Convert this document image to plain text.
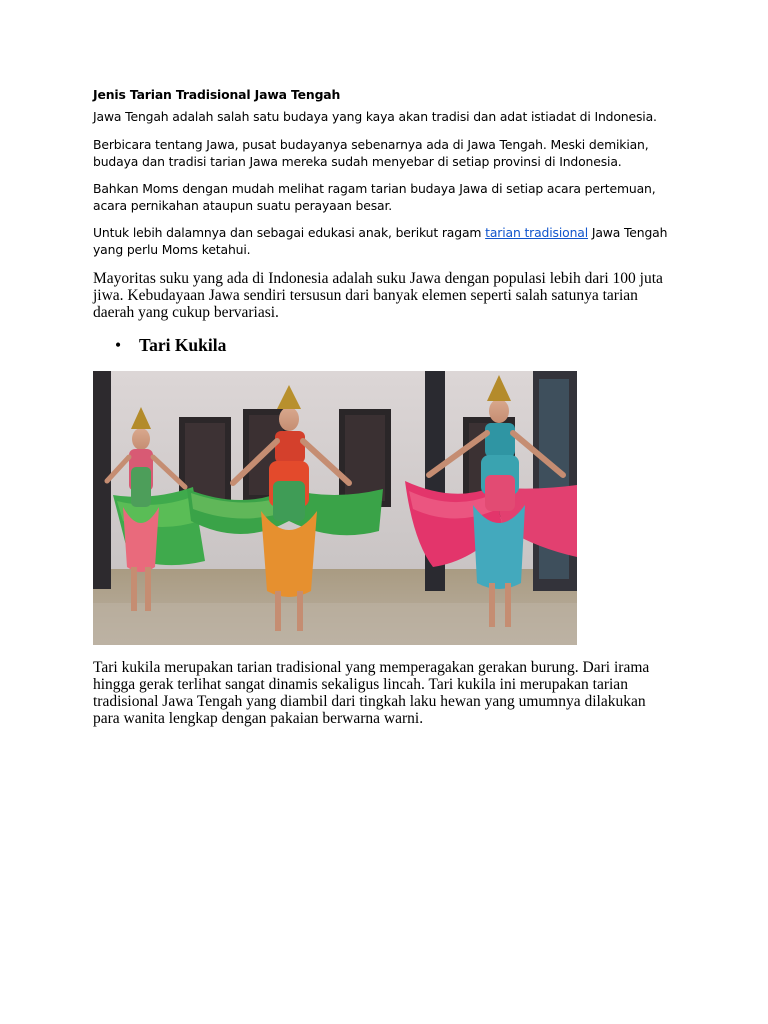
Jenis Tarian Tradisional Jawa Tengah

Jawa Tengah adalah salah satu budaya yang kaya akan tradisi dan adat istiadat di Indonesia.

Berbicara tentang Jawa, pusat budayanya sebenarnya ada di Jawa Tengah. Meski demikian, budaya dan tradisi tarian Jawa mereka sudah menyebar di setiap provinsi di Indonesia.

Bahkan Moms dengan mudah melihat ragam tarian budaya Jawa di setiap acara pertemuan, acara pernikahan ataupun suatu perayaan besar.

Untuk lebih dalamnya dan sebagai edukasi anak, berikut ragam tarian tradisional Jawa Tengah yang perlu Moms ketahui.

Mayoritas suku yang ada di Indonesia adalah suku Jawa dengan populasi lebih dari 100 juta jiwa. Kebudayaan Jawa sendiri tersusun dari banyak elemen seperti salah satunya tarian daerah yang cukup bervariasi.

• Tari Kukila

Tari kukila merupakan tarian tradisional yang memperagakan gerakan burung. Dari irama hingga gerak terlihat sangat dinamis sekaligus lincah. Tari kukila ini merupakan tarian tradisional Jawa Tengah yang diambil dari tingkah laku hewan yang umumnya dilakukan para wanita lengkap dengan pakaian berwarna warni.
